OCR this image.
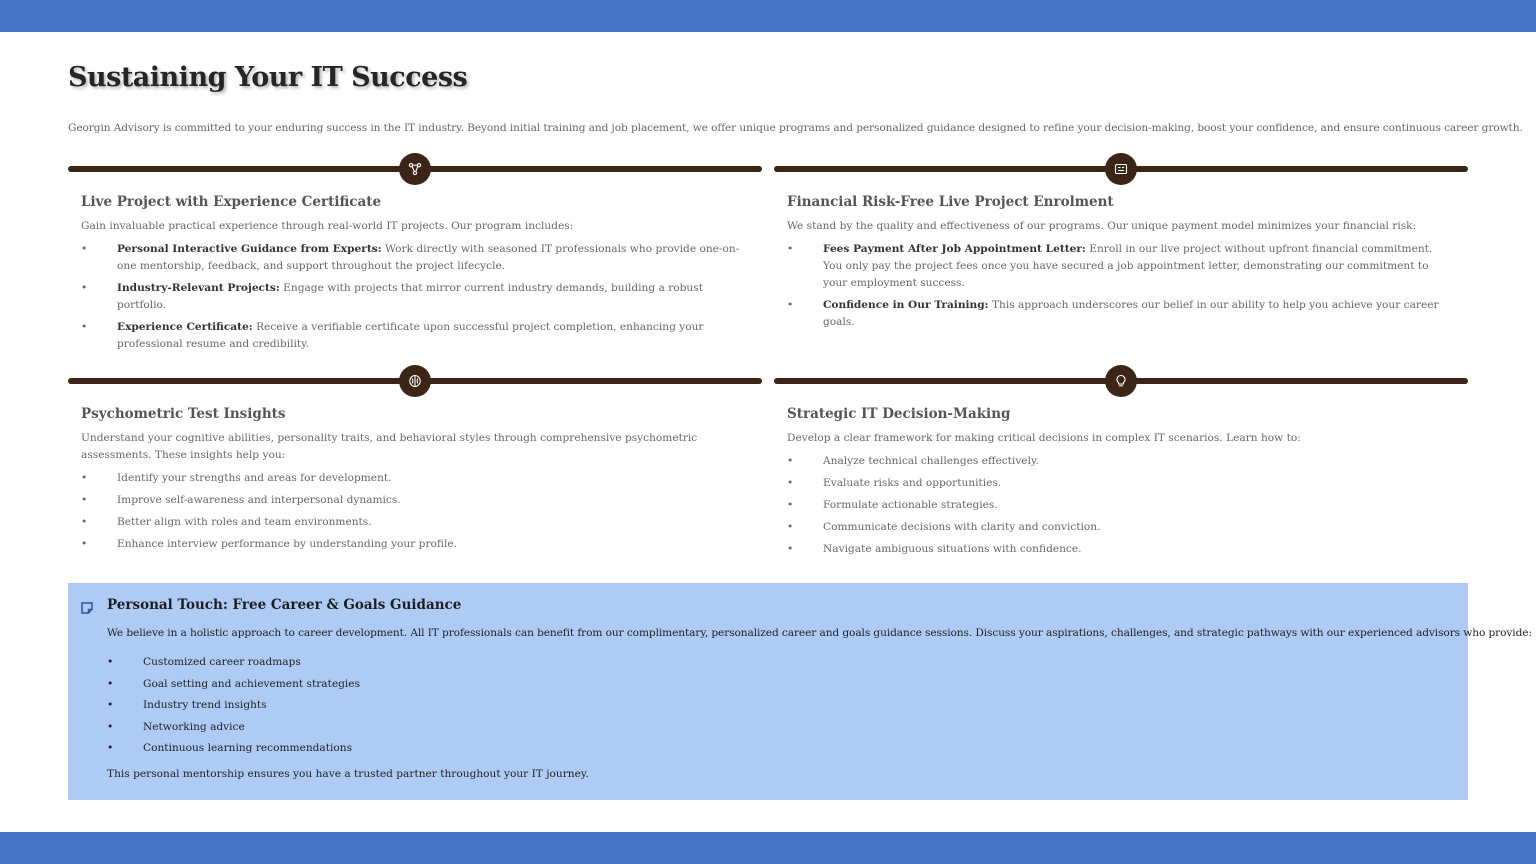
Sustaining Your IT Success

Georgin Advisory is committed to your enduring success in the IT industry. Beyond initial training and job placement, we offer unique programs and personalized guidance designed to refine your decision-making, boost your confidence, and ensure continuous career growth.

Live Project with Experience Certificate

Gain invaluable practical experience through real-world IT projects. Our program includes:

•	Personal Interactive Guidance from Experts: Work directly with seasoned IT professionals who provide one-on-one mentorship, feedback, and support throughout the project lifecycle.
•	Industry-Relevant Projects: Engage with projects that mirror current industry demands, building a robust portfolio.
•	Experience Certificate: Receive a verifiable certificate upon successful project completion, enhancing your professional resume and credibility.
Financial Risk-Free Live Project Enrolment

We stand by the quality and effectiveness of our programs. Our unique payment model minimizes your financial risk:

•	Fees Payment After Job Appointment Letter: Enroll in our live project without upfront financial commitment. You only pay the project fees once you have secured a job appointment letter, demonstrating our commitment to your employment success.
•	Confidence in Our Training: This approach underscores our belief in our ability to help you achieve your career goals.
Psychometric Test Insights

Understand your cognitive abilities, personality traits, and behavioral styles through comprehensive psychometric assessments. These insights help you:

•	Identify your strengths and areas for development.
•	Improve self-awareness and interpersonal dynamics.
•	Better align with roles and team environments.
•	Enhance interview performance by understanding your profile.
Strategic IT Decision-Making

Develop a clear framework for making critical decisions in complex IT scenarios. Learn how to:

•	Analyze technical challenges effectively.
•	Evaluate risks and opportunities.
•	Formulate actionable strategies.
•	Communicate decisions with clarity and conviction.
•	Navigate ambiguous situations with confidence.
Personal Touch: Free Career & Goals Guidance

We believe in a holistic approach to career development. All IT professionals can benefit from our complimentary, personalized career and goals guidance sessions. Discuss your aspirations, challenges, and strategic pathways with our experienced advisors who provide:

•	Customized career roadmaps
•	Goal setting and achievement strategies
•	Industry trend insights
•	Networking advice
•	Continuous learning recommendations

This personal mentorship ensures you have a trusted partner throughout your IT journey.
